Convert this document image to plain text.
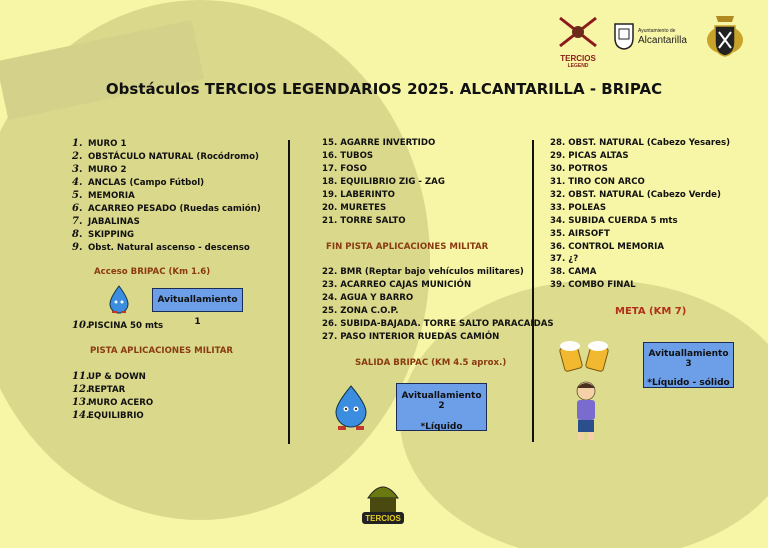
TERCIOS
LEGEND
Ayuntamiento de
Alcantarilla
Obstáculos TERCIOS LEGENDARIOS 2025. ALCANTARILLA - BRIPAC
1. MURO 1
2. OBSTÁCULO NATURAL (Rocódromo)
3. MURO 2
4. ANCLAS (Campo Fútbol)
5. MEMORIA
6. ACARREO PESADO (Ruedas camión)
7. JABALINAS
8. SKIPPING
9. Obst. Natural ascenso - descenso
Acceso BRIPAC (Km 1.6)
Avituallamiento 1
10.PISCINA 50 mts
PISTA APLICACIONES MILITAR
11.UP & DOWN
12.REPTAR
13.MURO ACERO
14.EQUILIBRIO
15. AGARRE INVERTIDO
16. TUBOS
17. FOSO
18. EQUILIBRIO ZIG - ZAG
19. LABERINTO
20. MURETES
21. TORRE SALTO
FIN PISTA APLICACIONES MILITAR
22. BMR (Reptar bajo vehículos militares)
23. ACARREO CAJAS MUNICIÓN
24. AGUA Y BARRO
25. ZONA C.O.P.
26. SUBIDA-BAJADA. TORRE SALTO PARACAIDAS
27. PASO INTERIOR RUEDAS CAMIÓN
SALIDA BRIPAC (KM 4.5 aprox.)
Avituallamiento 2
*Líquido
28. OBST. NATURAL (Cabezo Yesares)
29. PICAS ALTAS
30. POTROS
31. TIRO CON ARCO
32. OBST. NATURAL (Cabezo Verde)
33. POLEAS
34. SUBIDA CUERDA 5 mts
35. AIRSOFT
36. CONTROL MEMORIA
37. ¿?
38. CAMA
39. COMBO FINAL
META (KM 7)
Avituallamiento 3
*Líquido - sólido
TERCIOS
